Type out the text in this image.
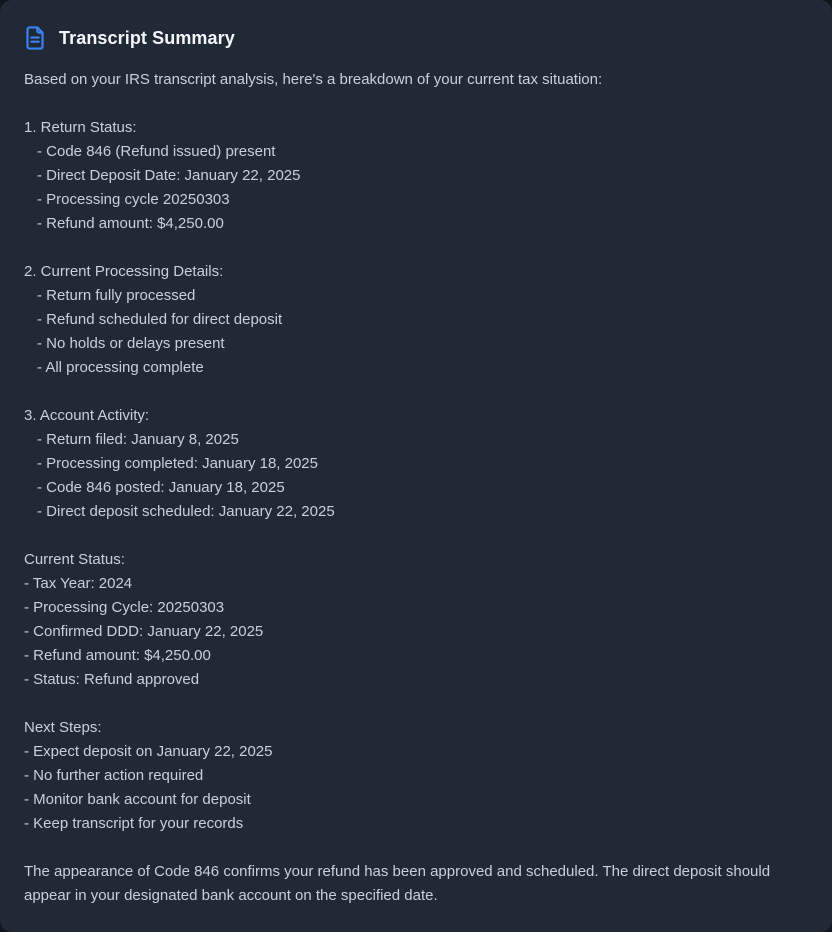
Transcript Summary
Based on your IRS transcript analysis, here's a breakdown of your current tax situation:
1. Return Status:
- Code 846 (Refund issued) present
- Direct Deposit Date: January 22, 2025
- Processing cycle 20250303
- Refund amount: $4,250.00
2. Current Processing Details:
- Return fully processed
- Refund scheduled for direct deposit
- No holds or delays present
- All processing complete
3. Account Activity:
- Return filed: January 8, 2025
- Processing completed: January 18, 2025
- Code 846 posted: January 18, 2025
- Direct deposit scheduled: January 22, 2025
Current Status:
- Tax Year: 2024
- Processing Cycle: 20250303
- Confirmed DDD: January 22, 2025
- Refund amount: $4,250.00
- Status: Refund approved
Next Steps:
- Expect deposit on January 22, 2025
- No further action required
- Monitor bank account for deposit
- Keep transcript for your records
The appearance of Code 846 confirms your refund has been approved and scheduled. The direct deposit should appear in your designated bank account on the specified date.
